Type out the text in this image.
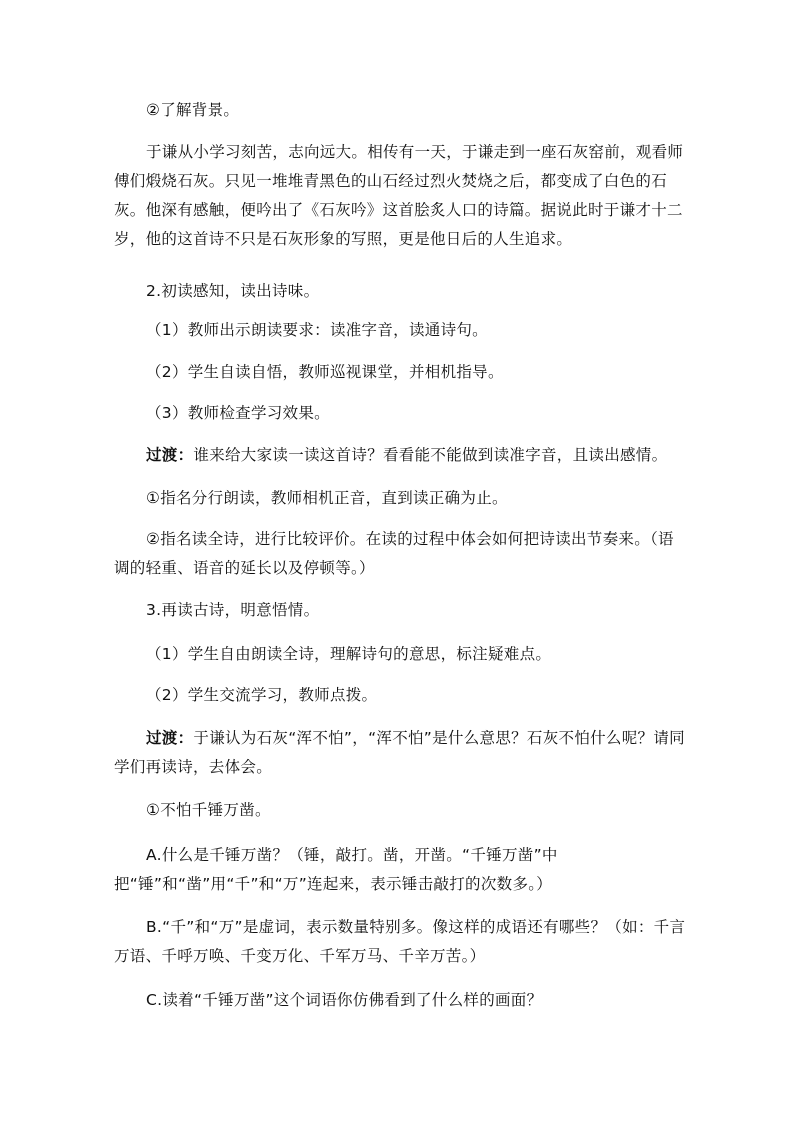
②了解背景。
于谦从小学习刻苦，志向远大。相传有一天，于谦走到一座石灰窑前，观看师傅们煅烧石灰。只见一堆堆青黑色的山石经过烈火焚烧之后，都变成了白色的石灰。他深有感触，便吟出了《石灰吟》这首脍炙人口的诗篇。据说此时于谦才十二岁，他的这首诗不只是石灰形象的写照，更是他日后的人生追求。
2.初读感知，读出诗味。
（1）教师出示朗读要求：读准字音，读通诗句。
（2）学生自读自悟，教师巡视课堂，并相机指导。
（3）教师检查学习效果。
过渡：谁来给大家读一读这首诗？看看能不能做到读准字音，且读出感情。
①指名分行朗读，教师相机正音，直到读正确为止。
②指名读全诗，进行比较评价。在读的过程中体会如何把诗读出节奏来。（语调的轻重、语音的延长以及停顿等。）
3.再读古诗，明意悟情。
（1）学生自由朗读全诗，理解诗句的意思，标注疑难点。
（2）学生交流学习，教师点拨。
过渡：于谦认为石灰“浑不怕”，“浑不怕”是什么意思？石灰不怕什么呢？请同学们再读诗，去体会。
①不怕千锤万凿。
A.什么是千锤万凿？（锤，敲打。凿，开凿。“千锤万凿”中把“锤”和“凿”用“千”和“万”连起来，表示锤击敲打的次数多。）
B.“千”和“万”是虚词，表示数量特别多。像这样的成语还有哪些？（如：千言万语、千呼万唤、千变万化、千军万马、千辛万苦。）
C.读着“千锤万凿”这个词语你仿佛看到了什么样的画面？
